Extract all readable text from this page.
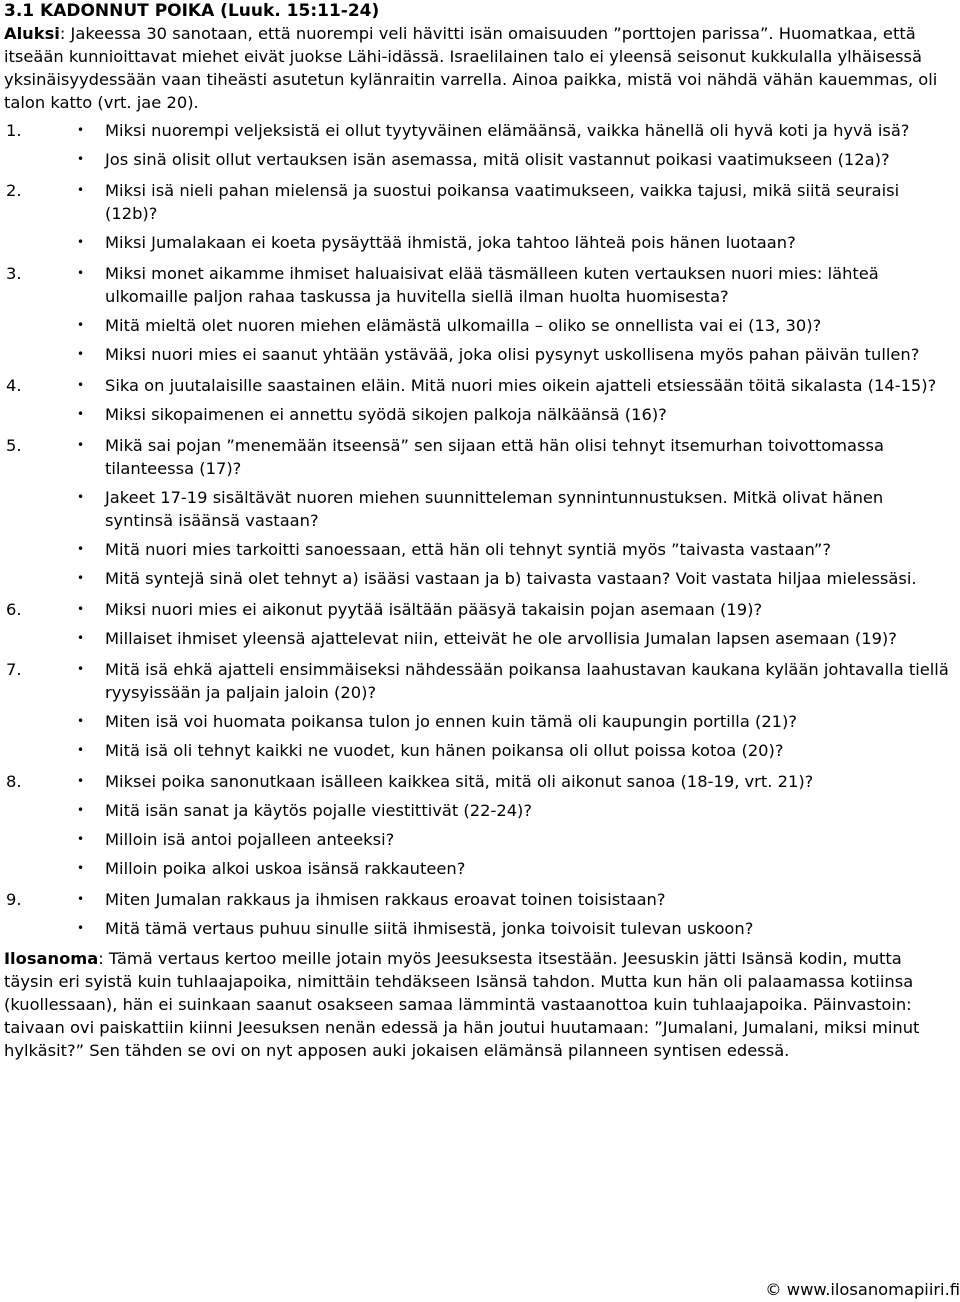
3.1 KADONNUT POIKA (Luuk. 15:11-24)

Aluksi: Jakeessa 30 sanotaan, että nuorempi veli hävitti isän omaisuuden ”porttojen parissa”. Huomatkaa, että itseään kunnioittavat miehet eivät juokse Lähi-idässä. Israelilainen talo ei yleensä seisonut kukkulalla ylhäisessä yksinäisyydessään vaan tiheästi asutetun kylänraitin varrella. Ainoa paikka, mistä voi nähdä vähän kauemmas, oli talon katto (vrt. jae 20).

1.	• Miksi nuorempi veljeksistä ei ollut tyytyväinen elämäänsä, vaikka hänellä oli hyvä koti ja hyvä isä?
• Jos sinä olisit ollut vertauksen isän asemassa, mitä olisit vastannut poikasi vaatimukseen (12a)?
2.	• Miksi isä nieli pahan mielensä ja suostui poikansa vaatimukseen, vaikka tajusi, mikä siitä seuraisi (12b)?
• Miksi Jumalakaan ei koeta pysäyttää ihmistä, joka tahtoo lähteä pois hänen luotaan?
3.	• Miksi monet aikamme ihmiset haluaisivat elää täsmälleen kuten vertauksen nuori mies: lähteä ulkomaille paljon rahaa taskussa ja huvitella siellä ilman huolta huomisesta?
• Mitä mieltä olet nuoren miehen elämästä ulkomailla – oliko se onnellista vai ei (13, 30)?
• Miksi nuori mies ei saanut yhtään ystävää, joka olisi pysynyt uskollisena myös pahan päivän tullen?
4.	• Sika on juutalaisille saastainen eläin. Mitä nuori mies oikein ajatteli etsiessään töitä sikalasta (14-15)?
• Miksi sikopaimenen ei annettu syödä sikojen palkoja nälkäänsä (16)?
5.	• Mikä sai pojan ”menemään itseensä” sen sijaan että hän olisi tehnyt itsemurhan toivottomassa tilanteessa (17)?
• Jakeet 17-19 sisältävät nuoren miehen suunnitteleman synnintunnustuksen. Mitkä olivat hänen syntinsä isäänsä vastaan?
• Mitä nuori mies tarkoitti sanoessaan, että hän oli tehnyt syntiä myös ”taivasta vastaan”?
• Mitä syntejä sinä olet tehnyt a) isääsi vastaan ja b) taivasta vastaan? Voit vastata hiljaa mielessäsi.
6.	• Miksi nuori mies ei aikonut pyytää isältään pääsyä takaisin pojan asemaan (19)?
• Millaiset ihmiset yleensä ajattelevat niin, etteivät he ole arvollisia Jumalan lapsen asemaan (19)?
7.	• Mitä isä ehkä ajatteli ensimmäiseksi nähdessään poikansa laahustavan kaukana kylään johtavalla tiellä ryysyissään ja paljain jaloin (20)?
• Miten isä voi huomata poikansa tulon jo ennen kuin tämä oli kaupungin portilla (21)?
• Mitä isä oli tehnyt kaikki ne vuodet, kun hänen poikansa oli ollut poissa kotoa (20)?
8.	• Miksei poika sanonutkaan isälleen kaikkea sitä, mitä oli aikonut sanoa (18-19, vrt. 21)?
• Mitä isän sanat ja käytös pojalle viestittivät (22-24)?
• Milloin isä antoi pojalleen anteeksi?
• Milloin poika alkoi uskoa isänsä rakkauteen?
9.	• Miten Jumalan rakkaus ja ihmisen rakkaus eroavat toinen toisistaan?
• Mitä tämä vertaus puhuu sinulle siitä ihmisestä, jonka toivoisit tulevan uskoon?

Ilosanoma: Tämä vertaus kertoo meille jotain myös Jeesuksesta itsestään. Jeesuskin jätti Isänsä kodin, mutta täysin eri syistä kuin tuhlaajapoika, nimittäin tehdäkseen Isänsä tahdon. Mutta kun hän oli palaamassa kotiinsa (kuollessaan), hän ei suinkaan saanut osakseen samaa lämmintä vastaanottoa kuin tuhlaajapoika. Päinvastoin: taivaan ovi paiskattiin kiinni Jeesuksen nenän edessä ja hän joutui huutamaan: ”Jumalani, Jumalani, miksi minut hylkäsit?” Sen tähden se ovi on nyt apposen auki jokaisen elämänsä pilanneen syntisen edessä.

© www.ilosanomapiiri.fi
